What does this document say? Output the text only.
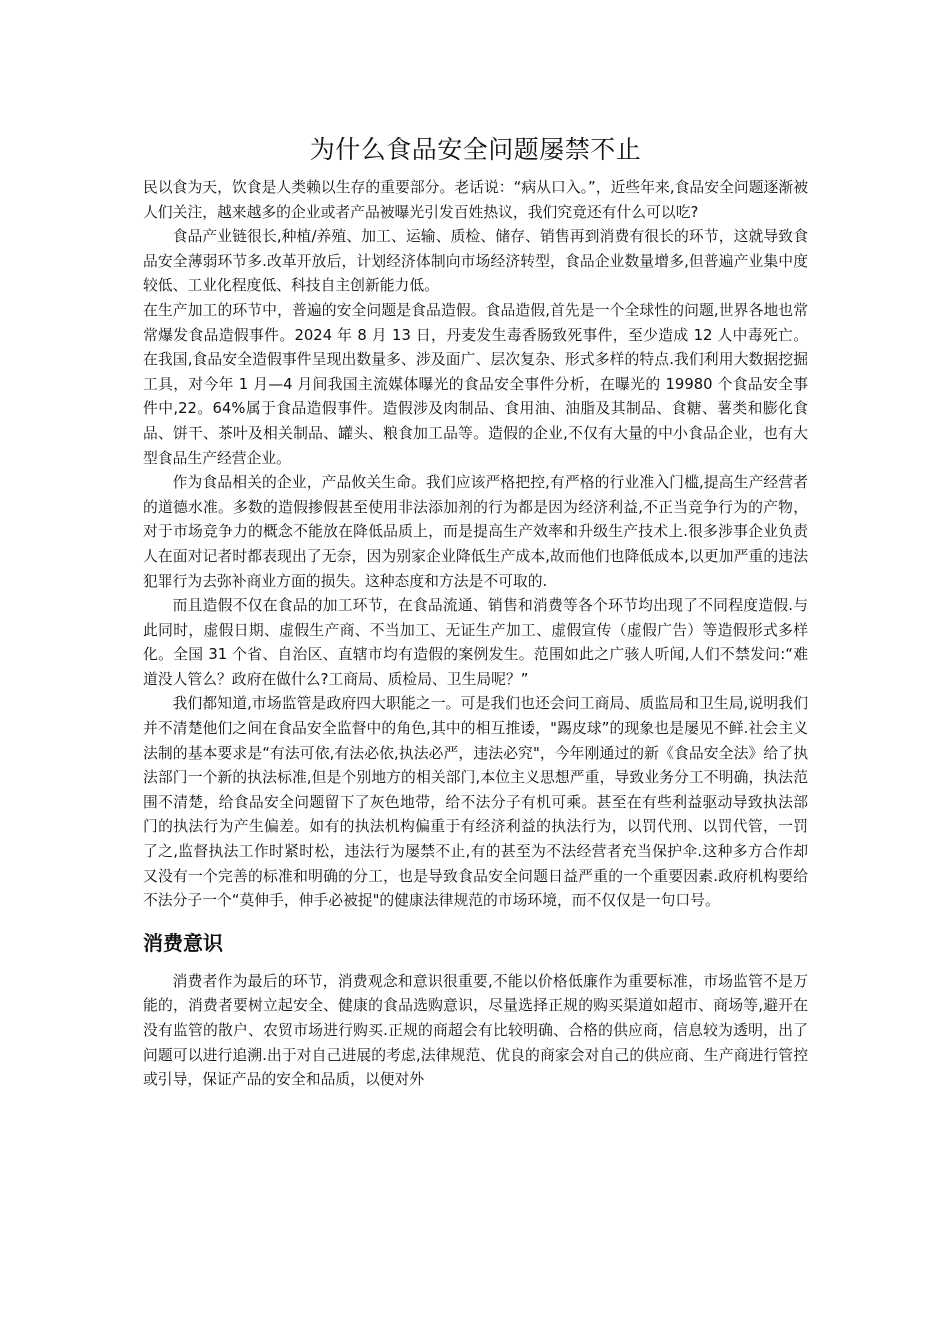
为什么食品安全问题屡禁不止

民以食为天，饮食是人类赖以生存的重要部分。老话说：“病从口入。”，近些年来,食品安全问题逐渐被人们关注，越来越多的企业或者产品被曝光引发百姓热议，我们究竟还有什么可以吃?

食品产业链很长,种植/养殖、加工、运输、质检、储存、销售再到消费有很长的环节，这就导致食品安全薄弱环节多.改革开放后，计划经济体制向市场经济转型，食品企业数量增多,但普遍产业集中度较低、工业化程度低、科技自主创新能力低。

在生产加工的环节中，普遍的安全问题是食品造假。食品造假,首先是一个全球性的问题,世界各地也常常爆发食品造假事件。2024 年 8 月 13 日，丹麦发生毒香肠致死事件，至少造成 12 人中毒死亡。在我国,食品安全造假事件呈现出数量多、涉及面广、层次复杂、形式多样的特点.我们利用大数据挖掘工具，对今年 1 月—4 月间我国主流媒体曝光的食品安全事件分析，在曝光的 19980 个食品安全事件中,22。64%属于食品造假事件。造假涉及肉制品、食用油、油脂及其制品、食糖、薯类和膨化食品、饼干、茶叶及相关制品、罐头、粮食加工品等。造假的企业,不仅有大量的中小食品企业，也有大型食品生产经营企业。

作为食品相关的企业，产品攸关生命。我们应该严格把控,有严格的行业准入门槛,提高生产经营者的道德水准。多数的造假掺假甚至使用非法添加剂的行为都是因为经济利益,不正当竞争行为的产物，对于市场竞争力的概念不能放在降低品质上，而是提高生产效率和升级生产技术上.很多涉事企业负责人在面对记者时都表现出了无奈，因为别家企业降低生产成本,故而他们也降低成本,以更加严重的违法犯罪行为去弥补商业方面的损失。这种态度和方法是不可取的.

而且造假不仅在食品的加工环节，在食品流通、销售和消费等各个环节均出现了不同程度造假.与此同时，虚假日期、虚假生产商、不当加工、无证生产加工、虚假宣传（虚假广告）等造假形式多样化。全国 31 个省、自治区、直辖市均有造假的案例发生。范围如此之广骇人听闻,人们不禁发问:“难道没人管么？政府在做什么?工商局、质检局、卫生局呢？”

我们都知道,市场监管是政府四大职能之一。可是我们也还会问工商局、质监局和卫生局,说明我们并不清楚他们之间在食品安全监督中的角色,其中的相互推诿，"踢皮球”的现象也是屡见不鲜.社会主义法制的基本要求是“有法可依,有法必依,执法必严，违法必究"，今年刚通过的新《食品安全法》给了执法部门一个新的执法标准,但是个别地方的相关部门,本位主义思想严重，导致业务分工不明确，执法范围不清楚，给食品安全问题留下了灰色地带，给不法分子有机可乘。甚至在有些利益驱动导致执法部门的执法行为产生偏差。如有的执法机构偏重于有经济利益的执法行为，以罚代刑、以罚代管，一罚了之,监督执法工作时紧时松，违法行为屡禁不止,有的甚至为不法经营者充当保护伞.这种多方合作却又没有一个完善的标准和明确的分工，也是导致食品安全问题日益严重的一个重要因素.政府机构要给不法分子一个“莫伸手，伸手必被捉"的健康法律规范的市场环境，而不仅仅是一句口号。

消费意识

消费者作为最后的环节，消费观念和意识很重要,不能以价格低廉作为重要标准，市场监管不是万能的，消费者要树立起安全、健康的食品选购意识，尽量选择正规的购买渠道如超市、商场等,避开在没有监管的散户、农贸市场进行购买.正规的商超会有比较明确、合格的供应商，信息较为透明，出了问题可以进行追溯.出于对自己进展的考虑,法律规范、优良的商家会对自己的供应商、生产商进行管控或引导，保证产品的安全和品质，以便对外
